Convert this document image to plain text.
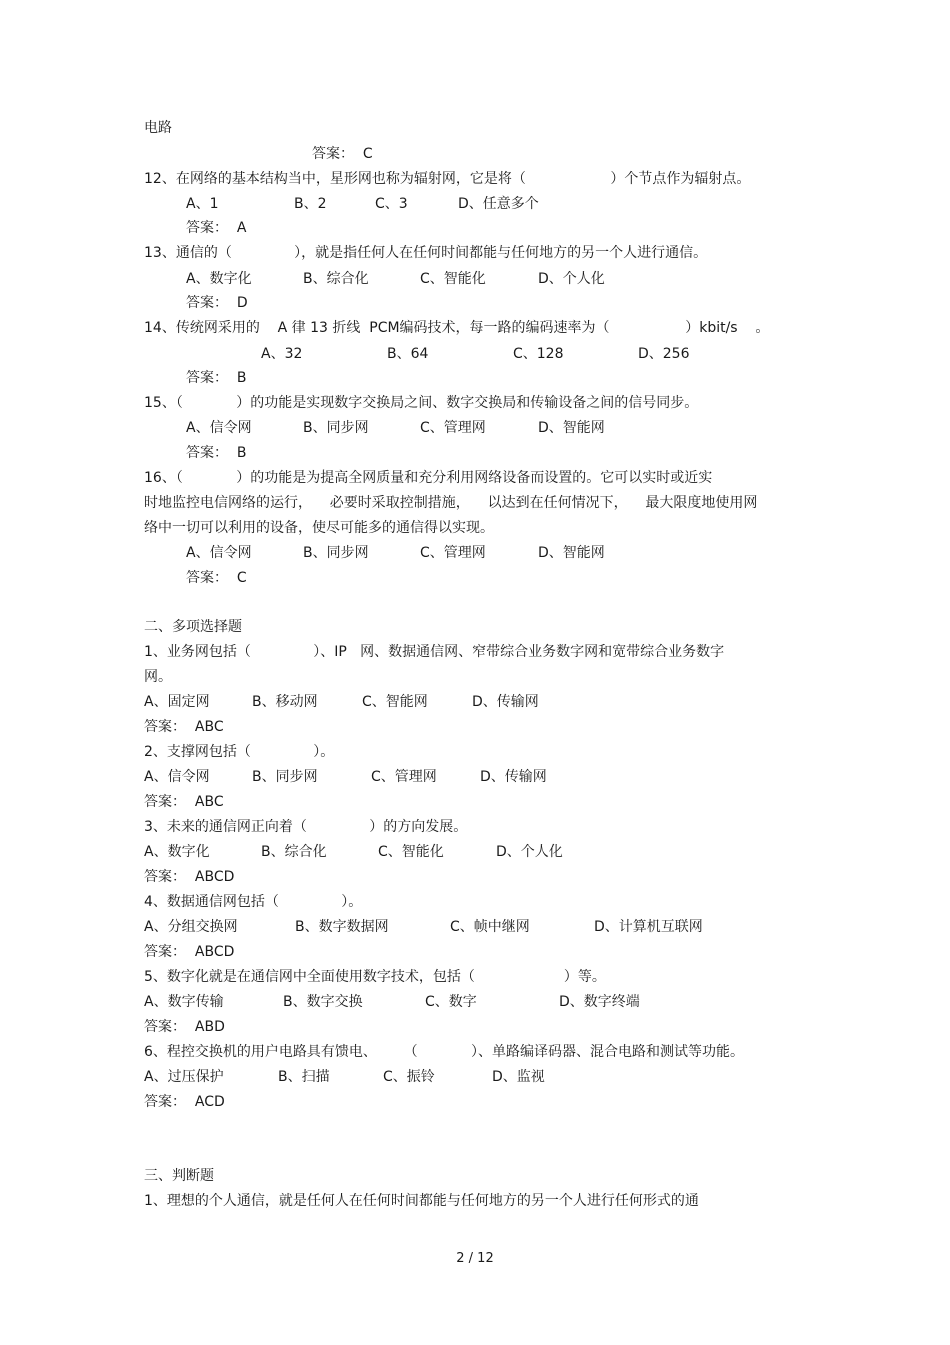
电路
答案：  C
12、在网络的基本结构当中，星形网也称为辐射网，它是将（                   ）个节点作为辐射点。
A、1	B、2	C、3	D、任意多个
答案：  A
13、通信的（              ），就是指任何人在任何时间都能与任何地方的另一个人进行通信。
A、数字化	B、综合化	C、智能化	D、个人化
答案：  D
14、传统网采用的    A 律 13 折线  PCM编码技术，每一路的编码速率为（                 ）kbit/s    。
A、32	B、64	C、128	D、256
答案：  B
15、（            ）的功能是实现数字交换局之间、数字交换局和传输设备之间的信号同步。
A、信令网	B、同步网	C、管理网	D、智能网
答案：  B
16、（            ）的功能是为提高全网质量和充分利用网络设备而设置的。它可以实时或近实
时地监控电信网络的运行，    必要时采取控制措施，    以达到在任何情况下，    最大限度地使用网
络中一切可以利用的设备，使尽可能多的通信得以实现。
A、信令网	B、同步网	C、管理网	D、智能网
答案：  C
二、多项选择题
1、业务网包括（              ）、IP   网、数据通信网、窄带综合业务数字网和宽带综合业务数字
网。
A、固定网	B、移动网	C、智能网	D、传输网
答案：  ABC
2、支撑网包括（              ）。
A、信令网	B、同步网	C、管理网	D、传输网
答案：  ABC
3、未来的通信网正向着（              ）的方向发展。
A、数字化	B、综合化	C、智能化	D、个人化
答案：  ABCD
4、数据通信网包括（              ）。
A、分组交换网	B、数字数据网	C、帧中继网	D、计算机互联网
答案：  ABCD
5、数字化就是在通信网中全面使用数字技术，包括（                    ）等。
A、数字传输	B、数字交换	C、数字	D、数字终端
答案：  ABD
6、程控交换机的用户电路具有馈电、      （            ）、单路编译码器、混合电路和测试等功能。
A、过压保护	B、扫描	C、振铃	D、监视
答案：  ACD
三、判断题
1、理想的个人通信，就是任何人在任何时间都能与任何地方的另一个人进行任何形式的通
2 / 12
